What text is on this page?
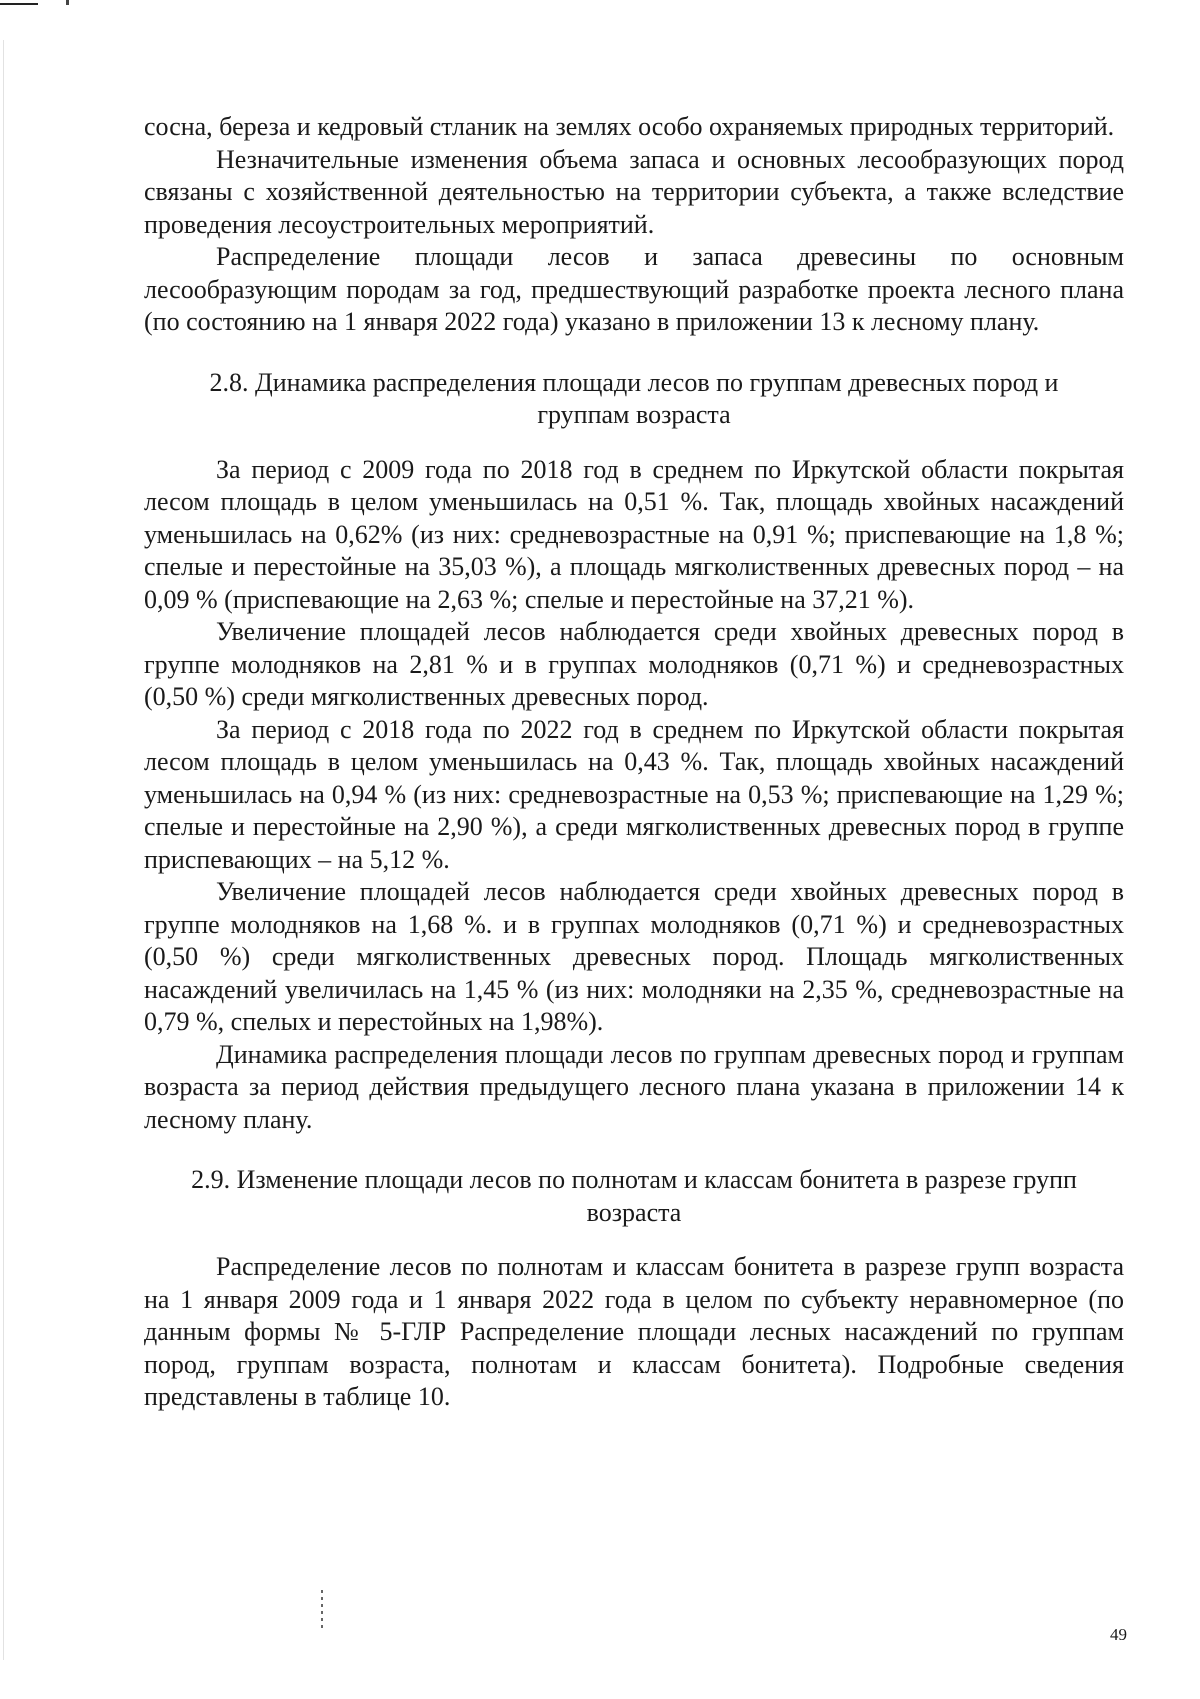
сосна, береза и кедровый стланик на землях особо охраняемых природных территорий.

Незначительные изменения объема запаса и основных лесообразующих пород связаны с хозяйственной деятельностью на территории субъекта, а также вследствие проведения лесоустроительных мероприятий.

Распределение площади лесов и запаса древесины по основным лесообразующим породам за год, предшествующий разработке проекта лесного плана (по состоянию на 1 января 2022 года) указано в приложении 13 к лесному плану.

2.8. Динамика распределения площади лесов по группам древесных пород и группам возраста

За период с 2009 года по 2018 год в среднем по Иркутской области покрытая лесом площадь в целом уменьшилась на 0,51 %. Так, площадь хвойных насаждений уменьшилась на 0,62% (из них: средневозрастные на 0,91 %; приспевающие на 1,8 %; спелые и перестойные на 35,03 %), а площадь мягколиственных древесных пород – на 0,09 % (приспевающие на 2,63 %; спелые и перестойные на 37,21 %).

Увеличение площадей лесов наблюдается среди хвойных древесных пород в группе молодняков на 2,81 % и в группах молодняков (0,71 %) и средневозрастных (0,50 %) среди мягколиственных древесных пород.

За период с 2018 года по 2022 год в среднем по Иркутской области покрытая лесом площадь в целом уменьшилась на 0,43 %. Так, площадь хвойных насаждений уменьшилась на 0,94 % (из них: средневозрастные на 0,53 %; приспевающие на 1,29 %; спелые и перестойные на 2,90 %), а среди мягколиственных древесных пород в группе приспевающих – на 5,12 %.

Увеличение площадей лесов наблюдается среди хвойных древесных пород в группе молодняков на 1,68 %. и в группах молодняков (0,71 %) и средневозрастных (0,50 %) среди мягколиственных древесных пород. Площадь мягколиственных насаждений увеличилась на 1,45 % (из них: молодняки на 2,35 %, средневозрастные на 0,79 %, спелых и перестойных на 1,98%).

Динамика распределения площади лесов по группам древесных пород и группам возраста за период действия предыдущего лесного плана указана в приложении 14 к лесному плану.

2.9. Изменение площади лесов по полнотам и классам бонитета в разрезе групп возраста

Распределение лесов по полнотам и классам бонитета в разрезе групп возраста на 1 января 2009 года и 1 января 2022 года в целом по субъекту неравномерное (по данным формы № 5-ГЛР Распределение площади лесных насаждений по группам пород, группам возраста, полнотам и классам бонитета). Подробные сведения представлены в таблице 10.

49
